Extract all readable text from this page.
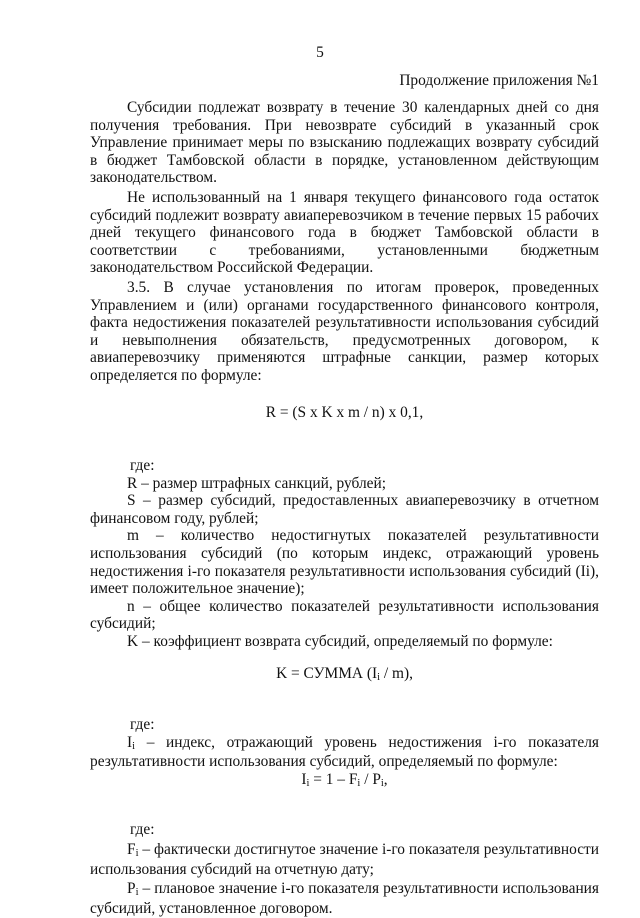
5
Продолжение приложения №1

Субсидии подлежат возврату в течение 30 календарных дней со дня получения требования. При невозврате субсидий в указанный срок Управление принимает меры по взысканию подлежащих возврату субсидий в бюджет Тамбовской области в порядке, установленном действующим законодательством.

Не использованный на 1 января текущего финансового года остаток субсидий подлежит возврату авиаперевозчиком в течение первых 15 рабочих дней текущего финансового года в бюджет Тамбовской области в соответствии с требованиями, установленными бюджетным законодательством Российской Федерации.

3.5. В случае установления по итогам проверок, проведенных Управлением и (или) органами государственного финансового контроля, факта недостижения показателей результативности использования субсидий и невыполнения обязательств, предусмотренных договором, к авиаперевозчику применяются штрафные санкции, размер которых определяется по формуле:

R = (S x K x m / n) x 0,1,

где:

R – размер штрафных санкций, рублей;

S – размер субсидий, предоставленных авиаперевозчику в отчетном финансовом году, рублей;

m – количество недостигнутых показателей результативности использования субсидий (по которым индекс, отражающий уровень недостижения i-го показателя результативности использования субсидий (Ii), имеет положительное значение);

n – общее количество показателей результативности использования субсидий;

K – коэффициент возврата субсидий, определяемый по формуле:

K = СУММА (Ii / m),

где:

Ii – индекс, отражающий уровень недостижения i-го показателя результативности использования субсидий, определяемый по формуле:

Ii = 1 – Fi / Pi,

где:

Fi – фактически достигнутое значение i-го показателя результативности использования субсидий на отчетную дату;

Pi – плановое значение i-го показателя результативности использования субсидий, установленное договором.
